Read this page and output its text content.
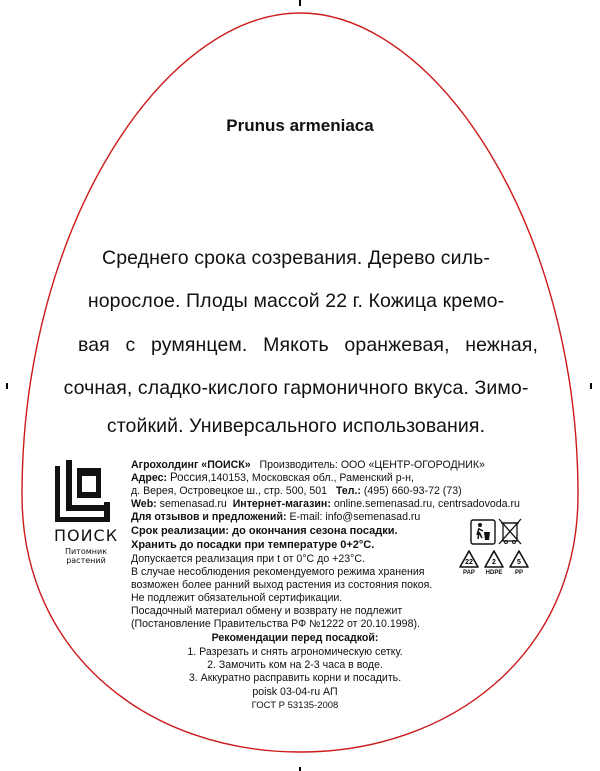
Prunus armeniaca
Среднего срока созревания. Дерево силь-
норослое. Плоды массой 22 г. Кожица кремо-
вая с румянцем. Мякоть оранжевая, нежная,
сочная, сладко-кислого гармоничного вкуса. Зимо-
стойкий. Универсального использования.
ПОИСК
Питомник
растений
Агрохолдинг «ПОИСК» Производитель: ООО «ЦЕНТР-ОГОРОДНИК»
Адрес: Россия,140153, Московская обл., Раменский р-н,
д. Верея, Островецкое ш., стр. 500, 501 Тел.: (495) 660-93-72 (73)
Web: semenasad.ru Интернет-магазин: online.semenasad.ru, centrsadovoda.ru
Для отзывов и предложений: E-mail: info@semenasad.ru
Срок реализации: до окончания сезона посадки.
Хранить до посадки при температуре 0+2°С.
Допускается реализация при t от 0°С до +23°С.
В случае несоблюдения рекомендуемого режима хранения
возможен более ранний выход растения из состояния покоя.
Не подлежит обязательной сертификации.
Посадочный материал обмену и возврату не подлежит
(Постановление Правительства РФ №1222 от 20.10.1998).
Рекомендации перед посадкой:
1. Разрезать и снять агрономическую сетку.
2. Замочить ком на 2-3 часа в воде.
3. Аккуратно расправить корни и посадить.
poisk 03-04-ru АП
ГОСТ Р 53135-2008
22
PAP
2
HDPE
5
PP
